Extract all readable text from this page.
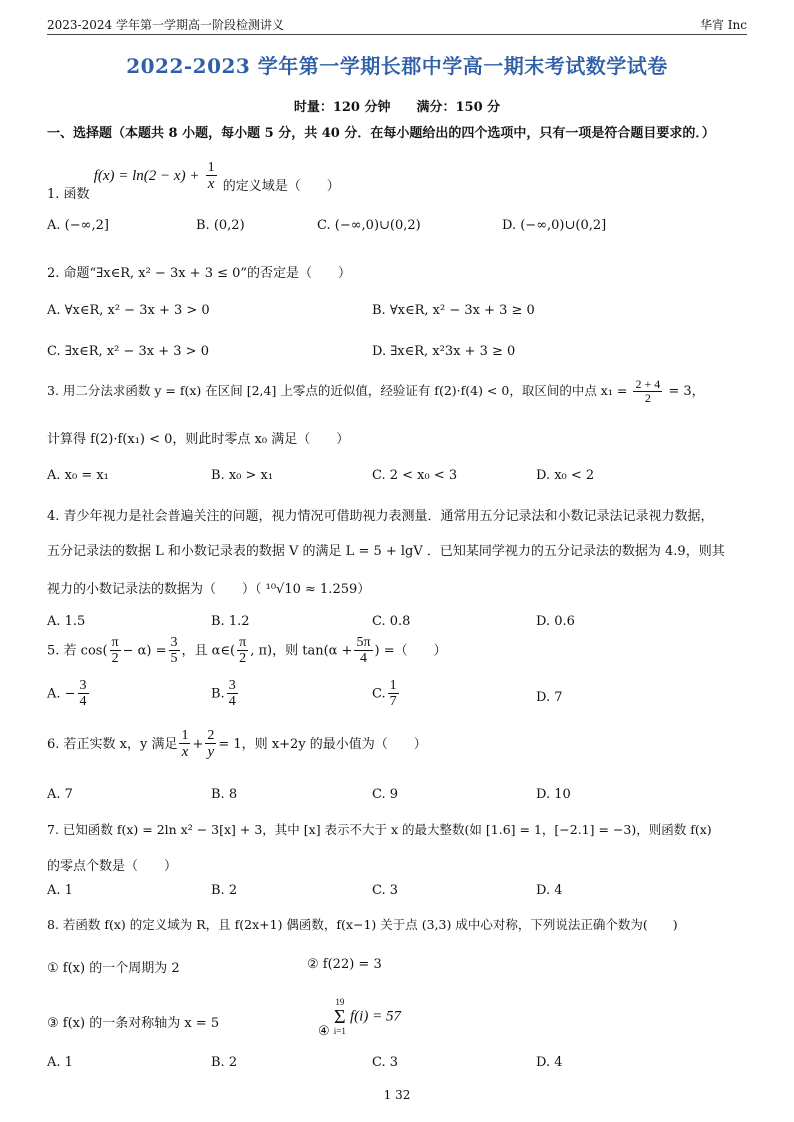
2023-2024 学年第一学期高一阶段检测讲义	华宵 Inc
2022-2023 学年第一学期长郡中学高一期末考试数学试卷
时量：120 分钟　　满分：150 分
一、选择题（本题共 8 小题，每小题 5 分，共 40 分．在每小题给出的四个选项中，只有一项是符合题目要求的．）
1. 函数 $f(x) = \ln(2 - x) + \frac{1}{x}$ 的定义域是（　　）
A. (−∞,2]	B. (0,2)	C. (−∞,0)∪(0,2)	D. (−∞,0)∪(0,2]
2. 命题“∃x∈R, x² − 3x + 3 ≤ 0”的否定是（　　）
A. ∀x∈R, x² − 3x + 3 > 0	B. ∀x∈R, x² − 3x + 3 ≥ 0
C. ∃x∈R, x² − 3x + 3 > 0	D. ∃x∈R, x²3x + 3 ≥ 0
3. 用二分法求函数 y = f(x) 在区间 [2,4] 上零点的近似值，经验证有 f(2)·f(4) < 0，取区间的中点 $x_1 = \frac{2 + 4}{2} = 3$，
计算得 f(2)·f(x₁) < 0，则此时零点 x₀ 满足（　　）
A. x₀ = x₁	B. x₀ > x₁	C. 2 < x₀ < 3	D. x₀ < 2
4. 青少年视力是社会普遍关注的问题，视力情况可借助视力表测量．通常用五分记录法和小数记录法记录视力数据，
五分记录法的数据 L 和小数记录表的数据 V 的满足 L = 5 + lgV ．已知某同学视力的五分记录法的数据为 4.9，则其
视力的小数记录法的数据为（　　）（ ¹⁰√10 ≈ 1.259）
A. 1.5	B. 1.2	C. 0.8	D. 0.6
5. 若 $\cos( \frac{\pi}{2} - \alpha) = \frac{3}{5}$ ，且 α∈( $\frac{\pi}{2}$ , π)，则 $\tan(\alpha + \frac{5\pi}{4}$ ) =（　　）
A. − $\frac{3}{4}$	B. $\frac{3}{4}$	C. $\frac{1}{7}$	D. 7
6. 若正实数 x，y 满足 $\frac{1}{x} + \frac{2}{y} = 1$，则 x+2y 的最小值为（　　）
A. 7	B. 8	C. 9	D. 10
7. 已知函数 f(x) = 2ln x² − 3[x] + 3，其中 [x] 表示不大于 x 的最大整数(如 [1.6] = 1，[−2.1] = −3)，则函数 f(x)
的零点个数是（　　）
A. 1	B. 2	C. 3	D. 4
8. 若函数 f(x) 的定义域为 R，且 f(2x+1) 偶函数，f(x−1) 关于点 (3,3) 成中心对称，下列说法正确个数为(　　)
① f(x) 的一个周期为 2	② f(22) = 3
③ f(x) 的一条对称轴为 x = 5	④
19
Σ
i=1
f(i) = 57
A. 1	B. 2	C. 3	D. 4
1 32
